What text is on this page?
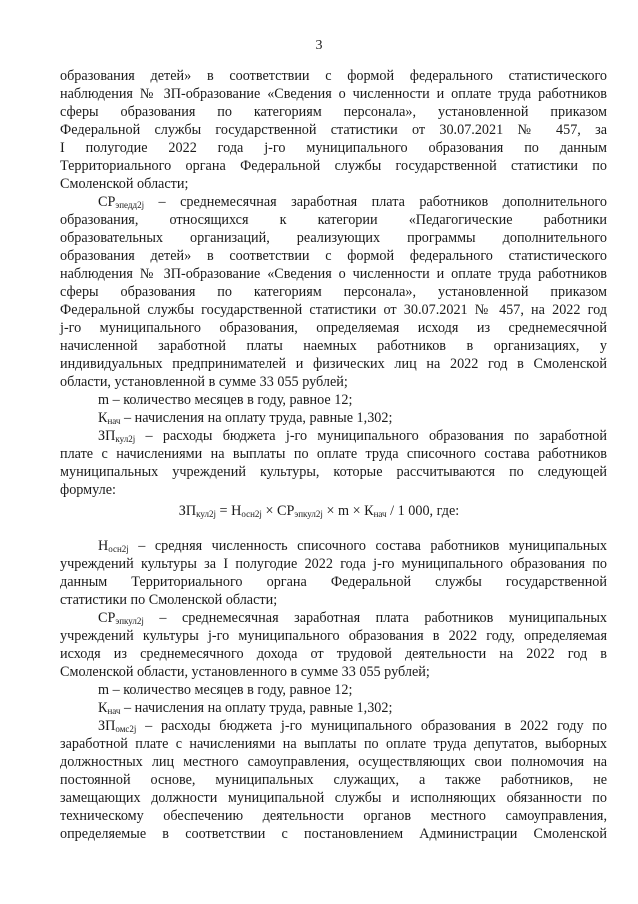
3
образования детей» в соответствии с формой федерального статистического
наблюдения № ЗП-образование «Сведения о численности и оплате труда работников
сферы образования по категориям персонала», установленной приказом
Федеральной службы государственной статистики от 30.07.2021 № 457, за
I полугодие 2022 года j-го муниципального образования по данным
Территориального органа Федеральной службы государственной статистики по
Смоленской области;
$СР_{эпедд2j}$ – среднемесячная заработная плата работников дополнительного
образования, относящихся к категории «Педагогические работники
образовательных организаций, реализующих программы дополнительного
образования детей» в соответствии с формой федерального статистического
наблюдения № ЗП-образование «Сведения о численности и оплате труда работников
сферы образования по категориям персонала», установленной приказом
Федеральной службы государственной статистики от 30.07.2021 № 457, на 2022 год
j-го муниципального образования, определяемая исходя из среднемесячной
начисленной заработной платы наемных работников в организациях, у
индивидуальных предпринимателей и физических лиц на 2022 год в Смоленской
области, установленной в сумме 33 055 рублей;
m – количество месяцев в году, равное 12;
$К_{нач}$ – начисления на оплату труда, равные 1,302;
$ЗП_{кул2j}$ – расходы бюджета j-го муниципального образования по заработной
плате с начислениями на выплаты по оплате труда списочного состава работников
муниципальных учреждений культуры, которые рассчитываются по следующей
формуле:
$Н_{осн2j}$ – средняя численность списочного состава работников муниципальных
учреждений культуры за I полугодие 2022 года j-го муниципального образования по
данным Территориального органа Федеральной службы государственной
статистики по Смоленской области;
$СР_{эпкул2j}$ – среднемесячная заработная плата работников муниципальных
учреждений культуры j-го муниципального образования в 2022 году, определяемая
исходя из среднемесячного дохода от трудовой деятельности на 2022 год в
Смоленской области, установленного в сумме 33 055 рублей;
m – количество месяцев в году, равное 12;
$К_{нач}$ – начисления на оплату труда, равные 1,302;
$ЗП_{омс2j}$ – расходы бюджета j-го муниципального образования в 2022 году по
заработной плате с начислениями на выплаты по оплате труда депутатов, выборных
должностных лиц местного самоуправления, осуществляющих свои полномочия на
постоянной основе, муниципальных служащих, а также работников, не
замещающих должности муниципальной службы и исполняющих обязанности по
техническому обеспечению деятельности органов местного самоуправления,
определяемые в соответствии с постановлением Администрации Смоленской
$ЗП_{кул2j} = Н_{осн2j} \times СР_{эпкул2j} \times m \times К_{нач} / 1$ 000, где:
